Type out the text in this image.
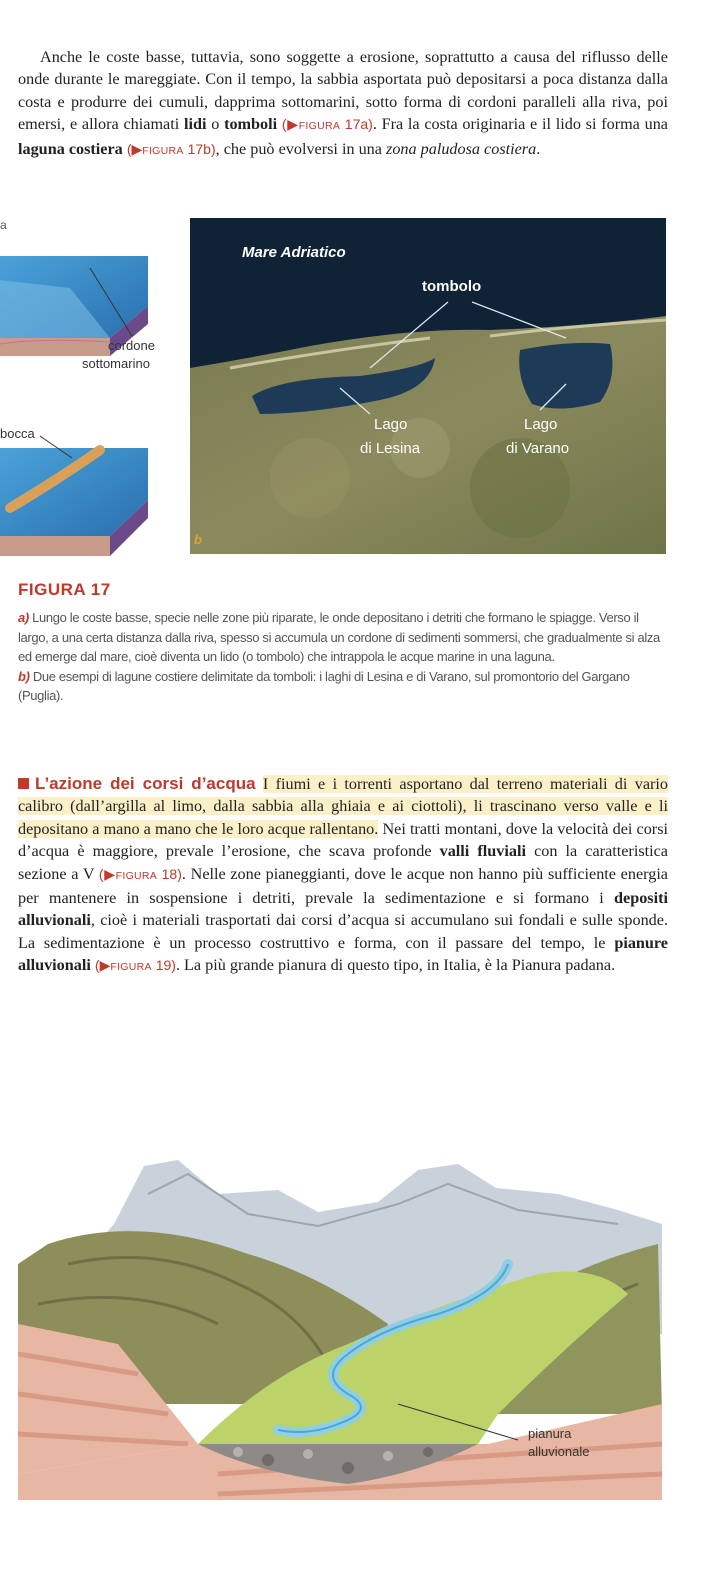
Anche le coste basse, tuttavia, sono soggette a erosione, soprattutto a causa del riflusso delle onde durante le mareggiate. Con il tempo, la sabbia asportata può depositarsi a poca distanza dalla costa e produrre dei cumuli, dapprima sottomarini, sotto forma di cordoni paralleli alla riva, poi emersi, e allora chiamati lidi o tomboli (▶FIGURA 17a). Fra la costa originaria e il lido si forma una laguna costiera (▶FIGURA 17b), che può evolversi in una zona paludosa costiera.

a
cordone
sottomarino
bocca
Mare Adriatico
tombolo
Lago
di Lesina
Lago
di Varano
b
FIGURA 17

a) Lungo le coste basse, specie nelle zone più riparate, le onde depositano i detriti che formano le spiagge. Verso il largo, a una certa distanza dalla riva, spesso si accumula un cordone di sedimenti sommersi, che gradualmente si alza ed emerge dal mare, cioè diventa un lido (o tombolo) che intrappola le acque marine in una laguna.

b) Due esempi di lagune costiere delimitate da tomboli: i laghi di Lesina e di Varano, sul promontorio del Gargano (Puglia).

L’azione dei corsi d’acqua I fiumi e i torrenti asportano dal terreno materiali di vario calibro (dall’argilla al limo, dalla sabbia alla ghiaia e ai ciottoli), li trascinano verso valle e li depositano a mano a mano che le loro acque rallentano. Nei tratti montani, dove la velocità dei corsi d’acqua è maggiore, prevale l’erosione, che scava profonde valli fluviali con la caratteristica sezione a V (▶FIGURA 18). Nelle zone pianeggianti, dove le acque non hanno più sufficiente energia per mantenere in sospensione i detriti, prevale la sedimentazione e si formano i depositi alluvionali, cioè i materiali trasportati dai corsi d’acqua si accumulano sui fondali e sulle sponde. La sedimentazione è un processo costruttivo e forma, con il passare del tempo, le pianure alluvionali (▶FIGURA 19). La più grande pianura di questo tipo, in Italia, è la Pianura padana.

pianura
alluvionale
